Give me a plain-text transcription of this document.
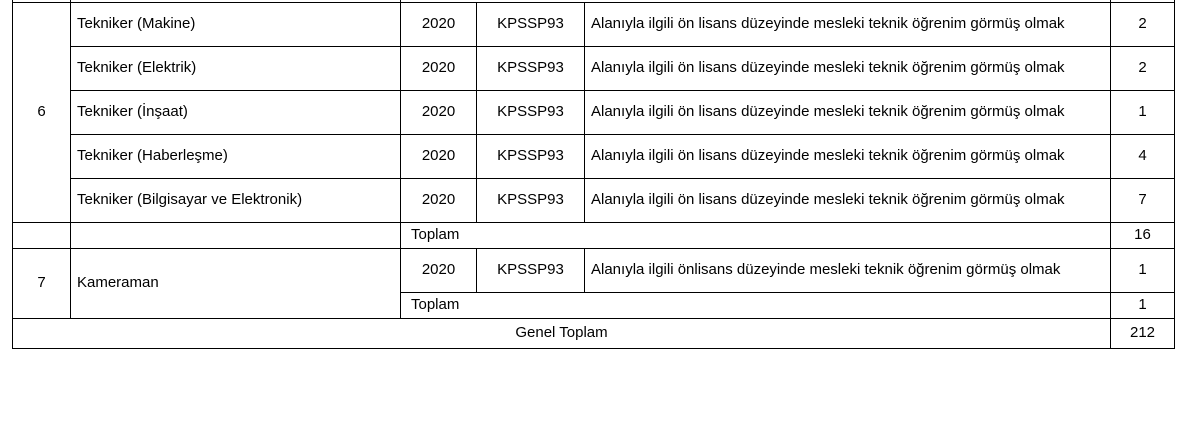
6	Tekniker (Makine)	2020	KPSSP93	Alanıyla ilgili ön lisans düzeyinde mesleki teknik öğrenim görmüş olmak	2
	Tekniker (Elektrik)	2020	KPSSP93	Alanıyla ilgili ön lisans düzeyinde mesleki teknik öğrenim görmüş olmak	2
	Tekniker (İnşaat)	2020	KPSSP93	Alanıyla ilgili ön lisans düzeyinde mesleki teknik öğrenim görmüş olmak	1
	Tekniker (Haberleşme)	2020	KPSSP93	Alanıyla ilgili ön lisans düzeyinde mesleki teknik öğrenim görmüş olmak	4
	Tekniker (Bilgisayar ve Elektronik)	2020	KPSSP93	Alanıyla ilgili ön lisans düzeyinde mesleki teknik öğrenim görmüş olmak	7
		Toplam			16
7	Kameraman	2020	KPSSP93	Alanıyla ilgili önlisans düzeyinde mesleki teknik öğrenim görmüş olmak	1
		Toplam			1
Genel Toplam					212
